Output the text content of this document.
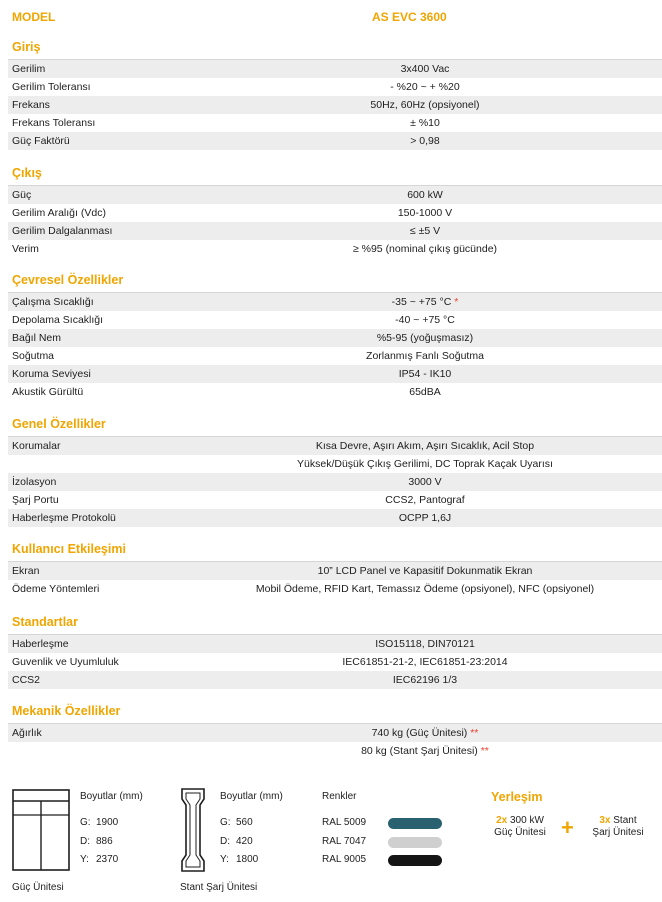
MODEL	AS EVC 3600
Giriş
Gerilim	3x400 Vac
Gerilim Toleransı	- %20 ~ + %20
Frekans	50Hz, 60Hz (opsiyonel)
Frekans Toleransı	± %10
Güç Faktörü	> 0,98
Çıkış
Güç	600 kW
Gerilim Aralığı (Vdc)	150-1000 V
Gerilim Dalgalanması	≤ ±5 V
Verim	≥ %95 (nominal çıkış gücünde)
Çevresel Özellikler
Çalışma Sıcaklığı	-35 ~ +75 °C *
Depolama Sıcaklığı	-40 ~ +75 °C
Bağıl Nem	%5-95 (yoğuşmasız)
Soğutma	Zorlanmış Fanlı Soğutma
Koruma Seviyesi	IP54 - IK10
Akustik Gürültü	65dBA
Genel Özellikler
Korumalar	Kısa Devre, Aşırı Akım, Aşırı Sıcaklık, Acil Stop
Yüksek/Düşük Çıkış Gerilimi, DC Toprak Kaçak Uyarısı
İzolasyon	3000 V
Şarj Portu	CCS2, Pantograf
Haberleşme Protokolü	OCPP 1,6J
Kullanıcı Etkileşimi
Ekran	10” LCD Panel ve Kapasitif Dokunmatik Ekran
Ödeme Yöntemleri	Mobil Ödeme, RFID Kart, Temassız Ödeme (opsiyonel), NFC (opsiyonel)
Standartlar
Haberleşme	ISO15118, DIN70121
Guvenlik ve Uyumluluk	IEC61851-21-2, IEC61851-23:2014
CCS2	IEC62196 1/3
Mekanik Özellikler
Ağırlık	740 kg (Güç Ünitesi) **
80 kg (Stant Şarj Ünitesi) **
Boyutlar (mm)
G: 1900
D: 886
Y: 2370
Güç Ünitesi
Boyutlar (mm)
G: 560
D: 420
Y: 1800
Stant Şarj Ünitesi
Renkler
RAL 5009
RAL 7047
RAL 9005
Yerleşim
2x 300 kW
Güç Ünitesi +	3x Stant
Şarj Ünitesi
